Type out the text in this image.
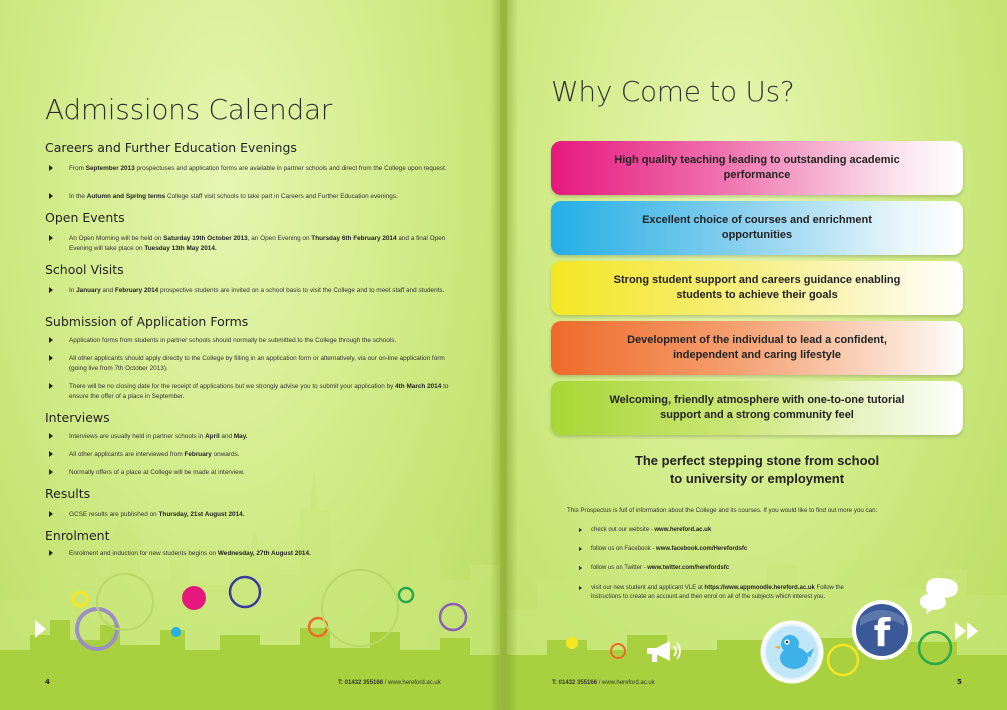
Admissions Calendar
Careers and Further Education Evenings
From September 2013 prospectuses and application forms are available in partner schools and direct from the College upon request.
In the Autumn and Spring terms College staff visit schools to take part in Careers and Further Education evenings.
Open Events
An Open Morning will be held on Saturday 19th October 2013, an Open Evening on Thursday 6th February 2014 and a final Open Evening will take place on Tuesday 13th May 2014.
School Visits
In January and February 2014 prospective students are invited on a school basis to visit the College and to meet staff and students.
Submission of Application Forms
Application forms from students in partner schools should normally be submitted to the College through the schools.
All other applicants should apply directly to the College by filling in an application form or alternatively, via our on-line application form (going live from 7th October 2013).
There will be no closing date for the receipt of applications but we strongly advise you to submit your application by 4th March 2014 to ensure the offer of a place in September.
Interviews
Interviews are usually held in partner schools in April and May.
All other applicants are interviewed from February onwards.
Normally offers of a place at College will be made at interview.
Results
GCSE results are published on Thursday, 21st August 2014.
Enrolment
Enrolment and induction for new students begins on Wednesday, 27th August 2014.
4	T: 01432 355166 / www.hereford.ac.uk
Why Come to Us?
High quality teaching leading to outstanding academic performance
Excellent choice of courses and enrichment opportunities
Strong student support and careers guidance enabling students to achieve their goals
Development of the individual to lead a confident, independent and caring lifestyle
Welcoming, friendly atmosphere with one-to-one tutorial support and a strong community feel
The perfect stepping stone from school
to university or employment
This Prospectus is full of information about the College and its courses. If you would like to find out more you can:
check out our website - www.hereford.ac.uk
follow us on Facebook - www.facebook.com/Herefordsfc
follow us on Twitter - www.twitter.com/herefordsfc
visit our new student and applicant VLE at https://www.appmoodle.hereford.ac.uk Follow the instructions to create an account and then enrol on all of the subjects which interest you.
f
T: 01432 355166 / www.hereford.ac.uk	5
